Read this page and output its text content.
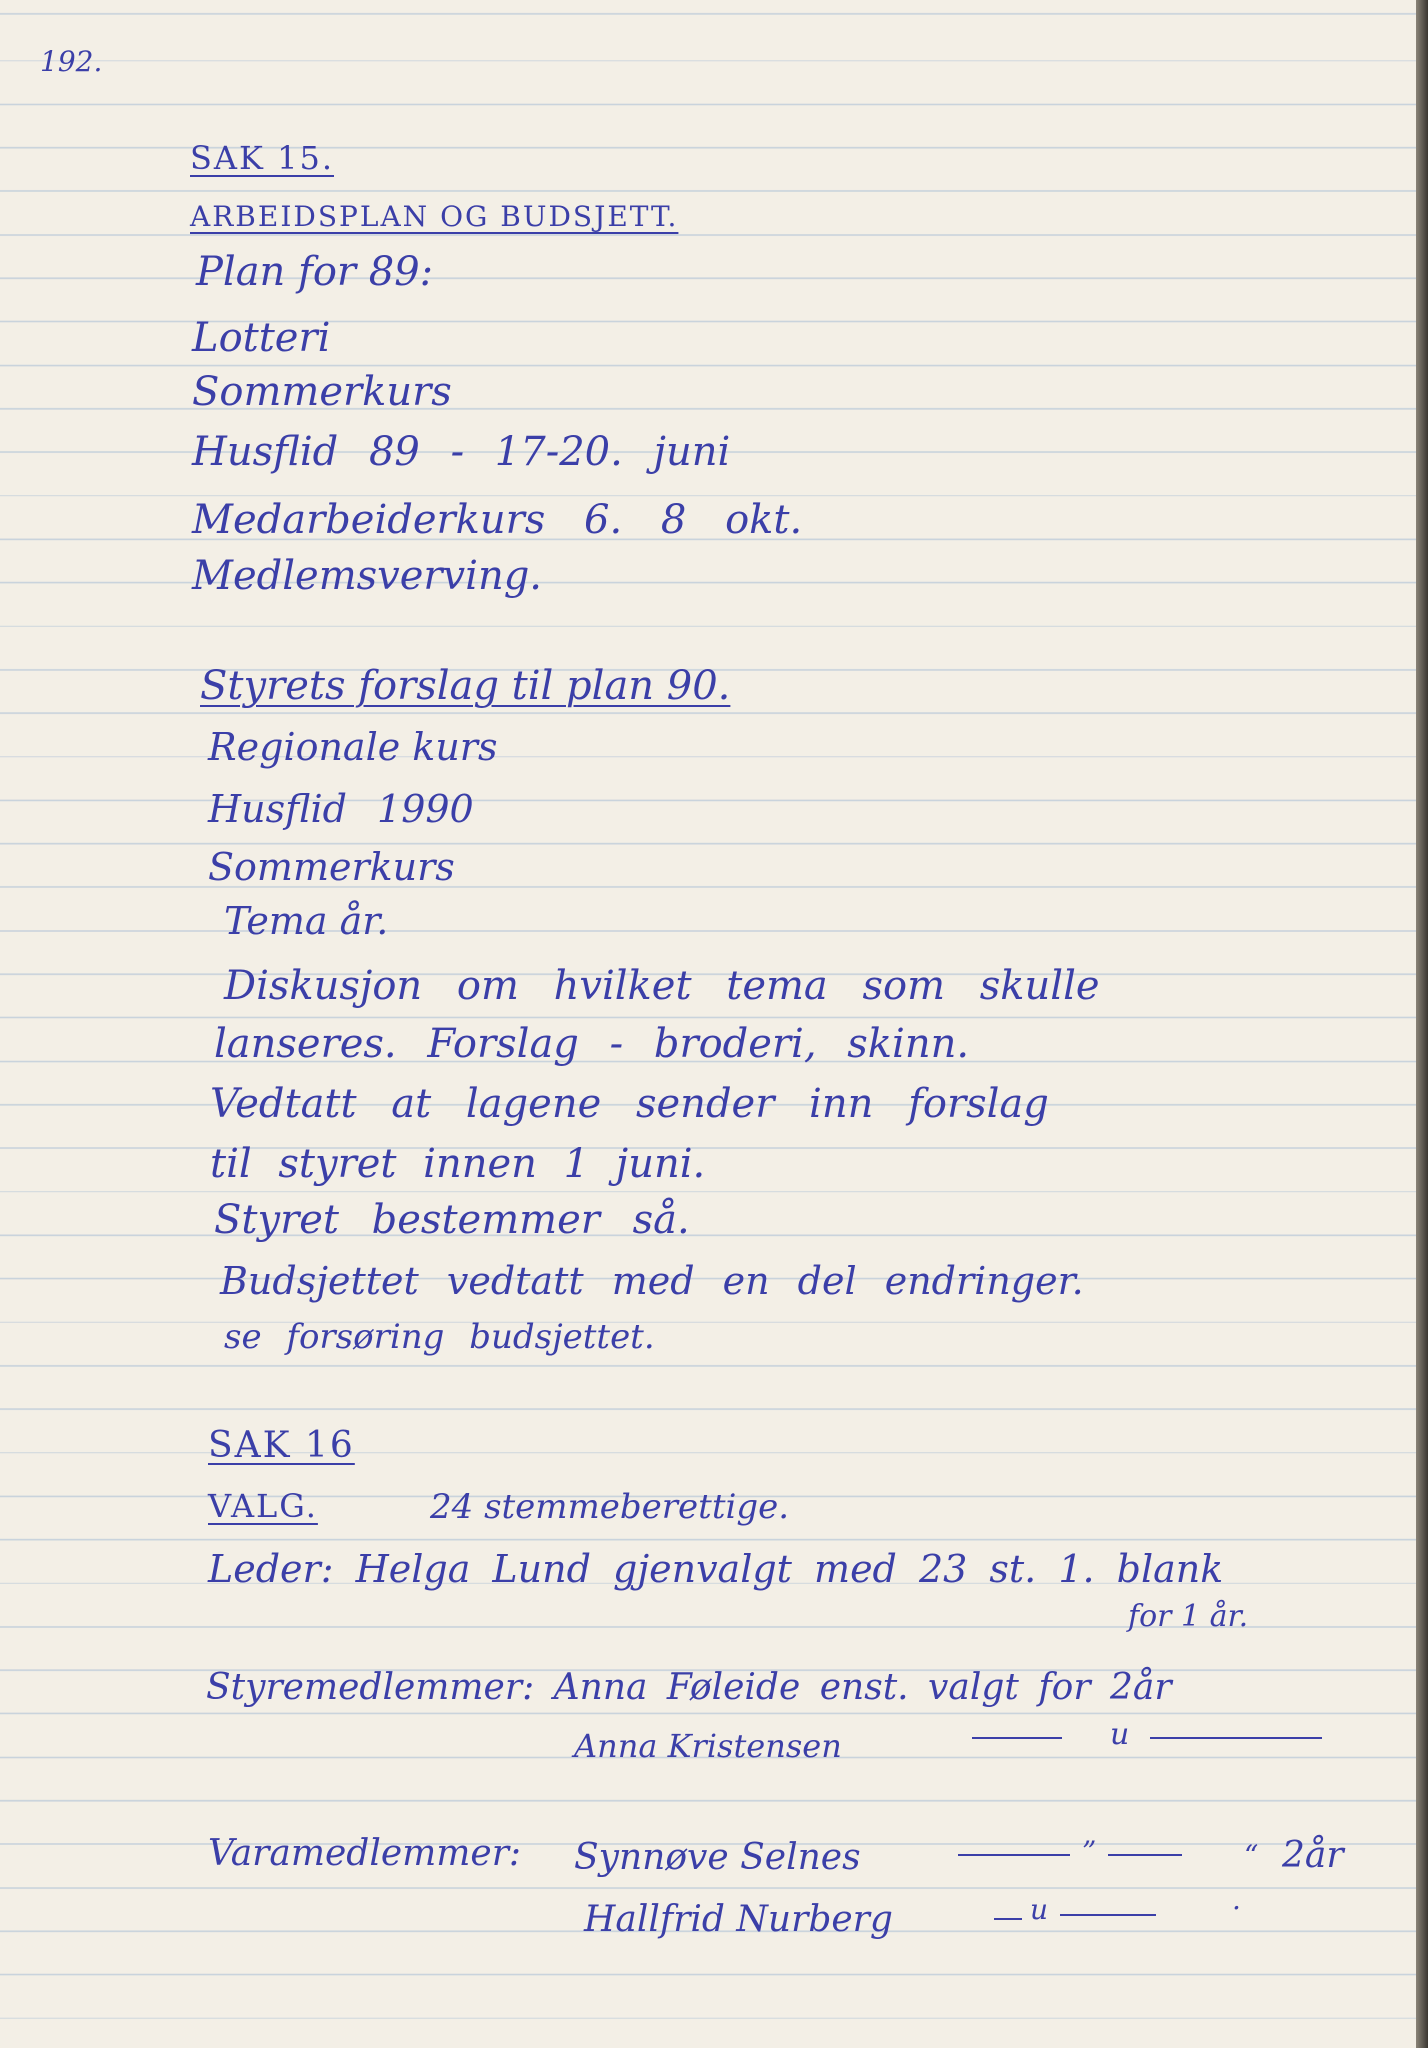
192.
SAK 15.
ARBEIDSPLAN OG BUDSJETT.
Plan for 89:
Lotteri
Sommerkurs
Husflid 89 - 17-20. juni
Medarbeiderkurs 6. 8 okt.
Medlemsverving.
Styrets forslag til plan 90.
Regionale kurs
Husflid 1990
Sommerkurs
Tema år.
Diskusjon om hvilket tema som skulle
lanseres. Forslag - broderi, skinn.
Vedtatt at lagene sender inn forslag
til styret innen 1 juni.
Styret bestemmer så.
Budsjettet vedtatt med en del endringer.
se forsøring budsjettet.
SAK 16
VALG.	24 stemmeberettige.
Leder: Helga Lund gjenvalgt med 23 st. 1. blank
for 1 år.
Styremedlemmer: Anna Føleide enst. valgt for 2år
Anna Kristensen	u
Varamedlemmer: Synnøve Selnes	”	“ 2år
Hallfrid Nurberg	u	.
